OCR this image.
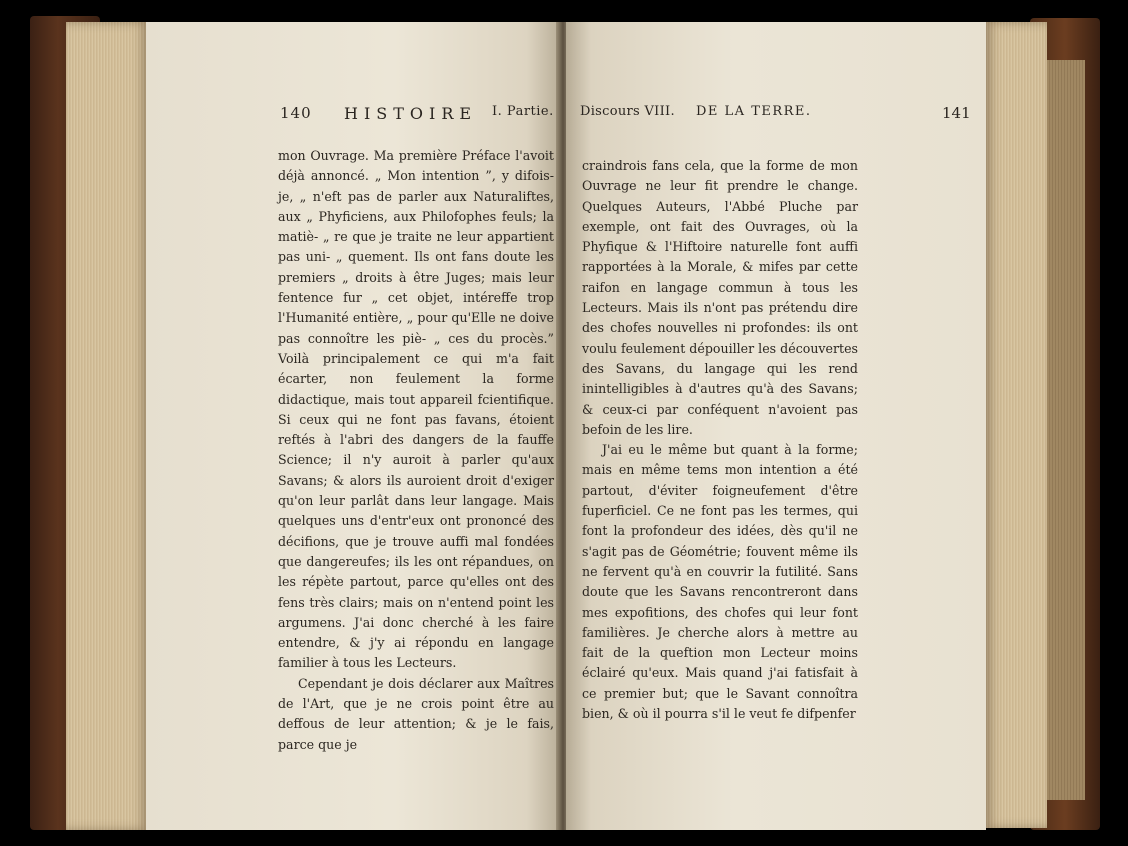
140 HISTOIRE I. Partie.

mon Ouvrage. Ma première Préface l'avoit déjà annoncé. „ Mon intention ”, y difois-je, „ n'eft pas de parler aux Naturaliftes, aux „ Phyficiens, aux Philofophes feuls; la matiè- „ re que je traite ne leur appartient pas uni- „ quement. Ils ont fans doute les premiers „ droits à être Juges; mais leur fentence fur „ cet objet, intéreffe trop l'Humanité entière, „ pour qu'Elle ne doive pas connoître les piè- „ ces du procès.” Voilà principalement ce qui m'a fait écarter, non feulement la forme didactique, mais tout appareil fcientifique. Si ceux qui ne font pas favans, étoient reftés à l'abri des dangers de la fauffe Science; il n'y auroit à parler qu'aux Savans; & alors ils auroient droit d'exiger qu'on leur parlât dans leur langage. Mais quelques uns d'entr'eux ont prononcé des décifions, que je trouve auffi mal fondées que dangereufes; ils les ont répandues, on les répète partout, parce qu'elles ont des fens très clairs; mais on n'entend point les argumens. J'ai donc cherché à les faire entendre, & j'y ai répondu en langage familier à tous les Lecteurs.

Cependant je dois déclarer aux Maîtres de l'Art, que je ne crois point être au deffous de leur attention; & je le fais, parce que je

Discours VIII. DE LA TERRE.	141

craindrois fans cela, que la forme de mon Ouvrage ne leur fit prendre le change. Quelques Auteurs, l'Abbé Pluche par exemple, ont fait des Ouvrages, où la Phyfique & l'Hiftoire naturelle font auffi rapportées à la Morale, & mifes par cette raifon en langage commun à tous les Lecteurs. Mais ils n'ont pas prétendu dire des chofes nouvelles ni profondes: ils ont voulu feulement dépouiller les découvertes des Savans, du langage qui les rend inintelligibles à d'autres qu'à des Savans; & ceux-ci par conféquent n'avoient pas befoin de les lire.

J'ai eu le même but quant à la forme; mais en même tems mon intention a été partout, d'éviter foigneufement d'être fuperficiel. Ce ne font pas les termes, qui font la profondeur des idées, dès qu'il ne s'agit pas de Géométrie; fouvent même ils ne fervent qu'à en couvrir la futilité. Sans doute que les Savans rencontreront dans mes expofitions, des chofes qui leur font familières. Je cherche alors à mettre au fait de la queftion mon Lecteur moins éclairé qu'eux. Mais quand j'ai fatisfait à ce premier but; que le Savant connoîtra bien, & où il pourra s'il le veut fe difpenfer
